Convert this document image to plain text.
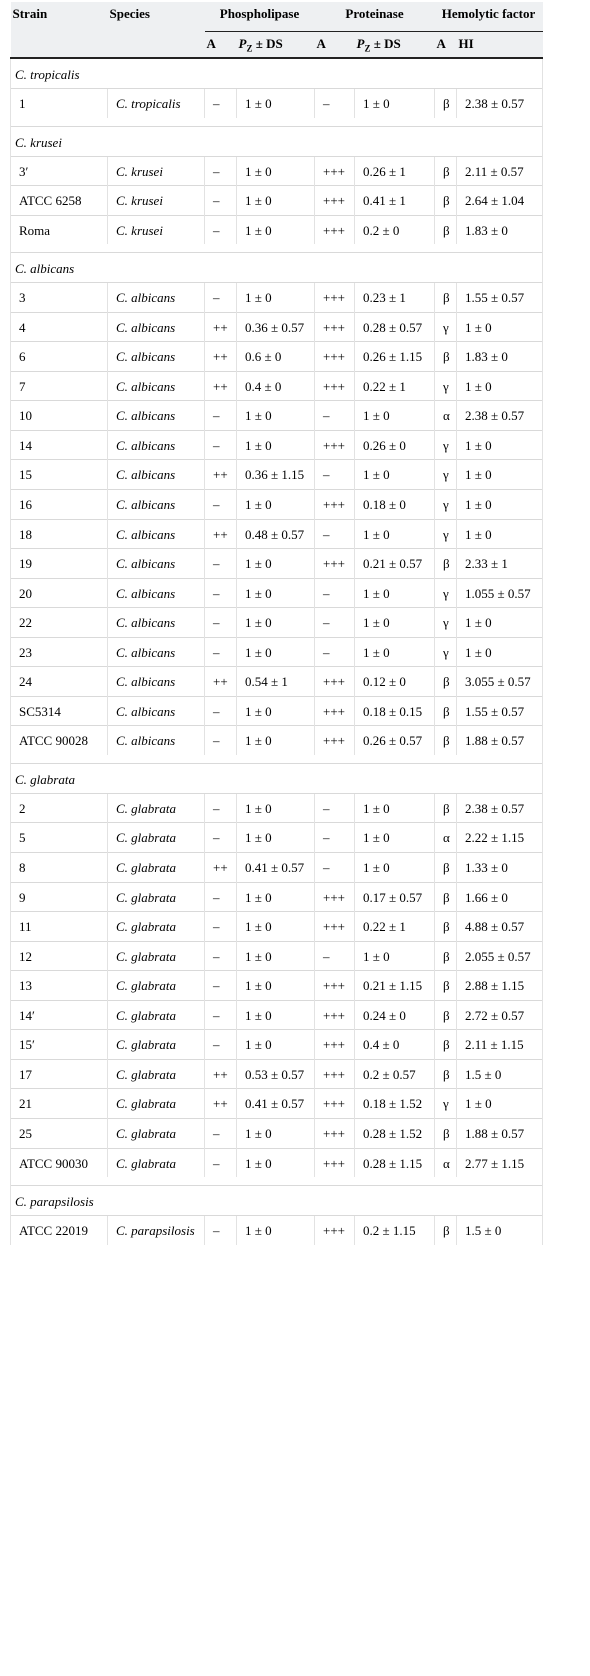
Strain	Species	Phospholipase		Proteinase		Hemolytic factor	
		A	$P_Z$ ± DS	A	$P_Z$ ± DS	A	HI
C. tropicalis							
1	C. tropicalis	–	1 ± 0	–	1 ± 0	β	2.38 ± 0.57

C. krusei							
3′	C. krusei	–	1 ± 0	+++	0.26 ± 1	β	2.11 ± 0.57
ATCC 6258	C. krusei	–	1 ± 0	+++	0.41 ± 1	β	2.64 ± 1.04
Roma	C. krusei	–	1 ± 0	+++	0.2 ± 0	β	1.83 ± 0

C. albicans							
3	C. albicans	–	1 ± 0	+++	0.23 ± 1	β	1.55 ± 0.57
4	C. albicans	++	0.36 ± 0.57	+++	0.28 ± 0.57	γ	1 ± 0
6	C. albicans	++	0.6 ± 0	+++	0.26 ± 1.15	β	1.83 ± 0
7	C. albicans	++	0.4 ± 0	+++	0.22 ± 1	γ	1 ± 0
10	C. albicans	–	1 ± 0	–	1 ± 0	α	2.38 ± 0.57
14	C. albicans	–	1 ± 0	+++	0.26 ± 0	γ	1 ± 0
15	C. albicans	++	0.36 ± 1.15	–	1 ± 0	γ	1 ± 0
16	C. albicans	–	1 ± 0	+++	0.18 ± 0	γ	1 ± 0
18	C. albicans	++	0.48 ± 0.57	–	1 ± 0	γ	1 ± 0
19	C. albicans	–	1 ± 0	+++	0.21 ± 0.57	β	2.33 ± 1
20	C. albicans	–	1 ± 0	–	1 ± 0	γ	1.055 ± 0.57
22	C. albicans	–	1 ± 0	–	1 ± 0	γ	1 ± 0
23	C. albicans	–	1 ± 0	–	1 ± 0	γ	1 ± 0
24	C. albicans	++	0.54 ± 1	+++	0.12 ± 0	β	3.055 ± 0.57
SC5314	C. albicans	–	1 ± 0	+++	0.18 ± 0.15	β	1.55 ± 0.57
ATCC 90028	C. albicans	–	1 ± 0	+++	0.26 ± 0.57	β	1.88 ± 0.57

C. glabrata							
2	C. glabrata	–	1 ± 0	–	1 ± 0	β	2.38 ± 0.57
5	C. glabrata	–	1 ± 0	–	1 ± 0	α	2.22 ± 1.15
8	C. glabrata	++	0.41 ± 0.57	–	1 ± 0	β	1.33 ± 0
9	C. glabrata	–	1 ± 0	+++	0.17 ± 0.57	β	1.66 ± 0
11	C. glabrata	–	1 ± 0	+++	0.22 ± 1	β	4.88 ± 0.57
12	C. glabrata	–	1 ± 0	–	1 ± 0	β	2.055 ± 0.57
13	C. glabrata	–	1 ± 0	+++	0.21 ± 1.15	β	2.88 ± 1.15
14′	C. glabrata	–	1 ± 0	+++	0.24 ± 0	β	2.72 ± 0.57
15′	C. glabrata	–	1 ± 0	+++	0.4 ± 0	β	2.11 ± 1.15
17	C. glabrata	++	0.53 ± 0.57	+++	0.2 ± 0.57	β	1.5 ± 0
21	C. glabrata	++	0.41 ± 0.57	+++	0.18 ± 1.52	γ	1 ± 0
25	C. glabrata	–	1 ± 0	+++	0.28 ± 1.52	β	1.88 ± 0.57
ATCC 90030	C. glabrata	–	1 ± 0	+++	0.28 ± 1.15	α	2.77 ± 1.15

C. parapsilosis							
ATCC 22019	C. parapsilosis	–	1 ± 0	+++	0.2 ± 1.15	β	1.5 ± 0
